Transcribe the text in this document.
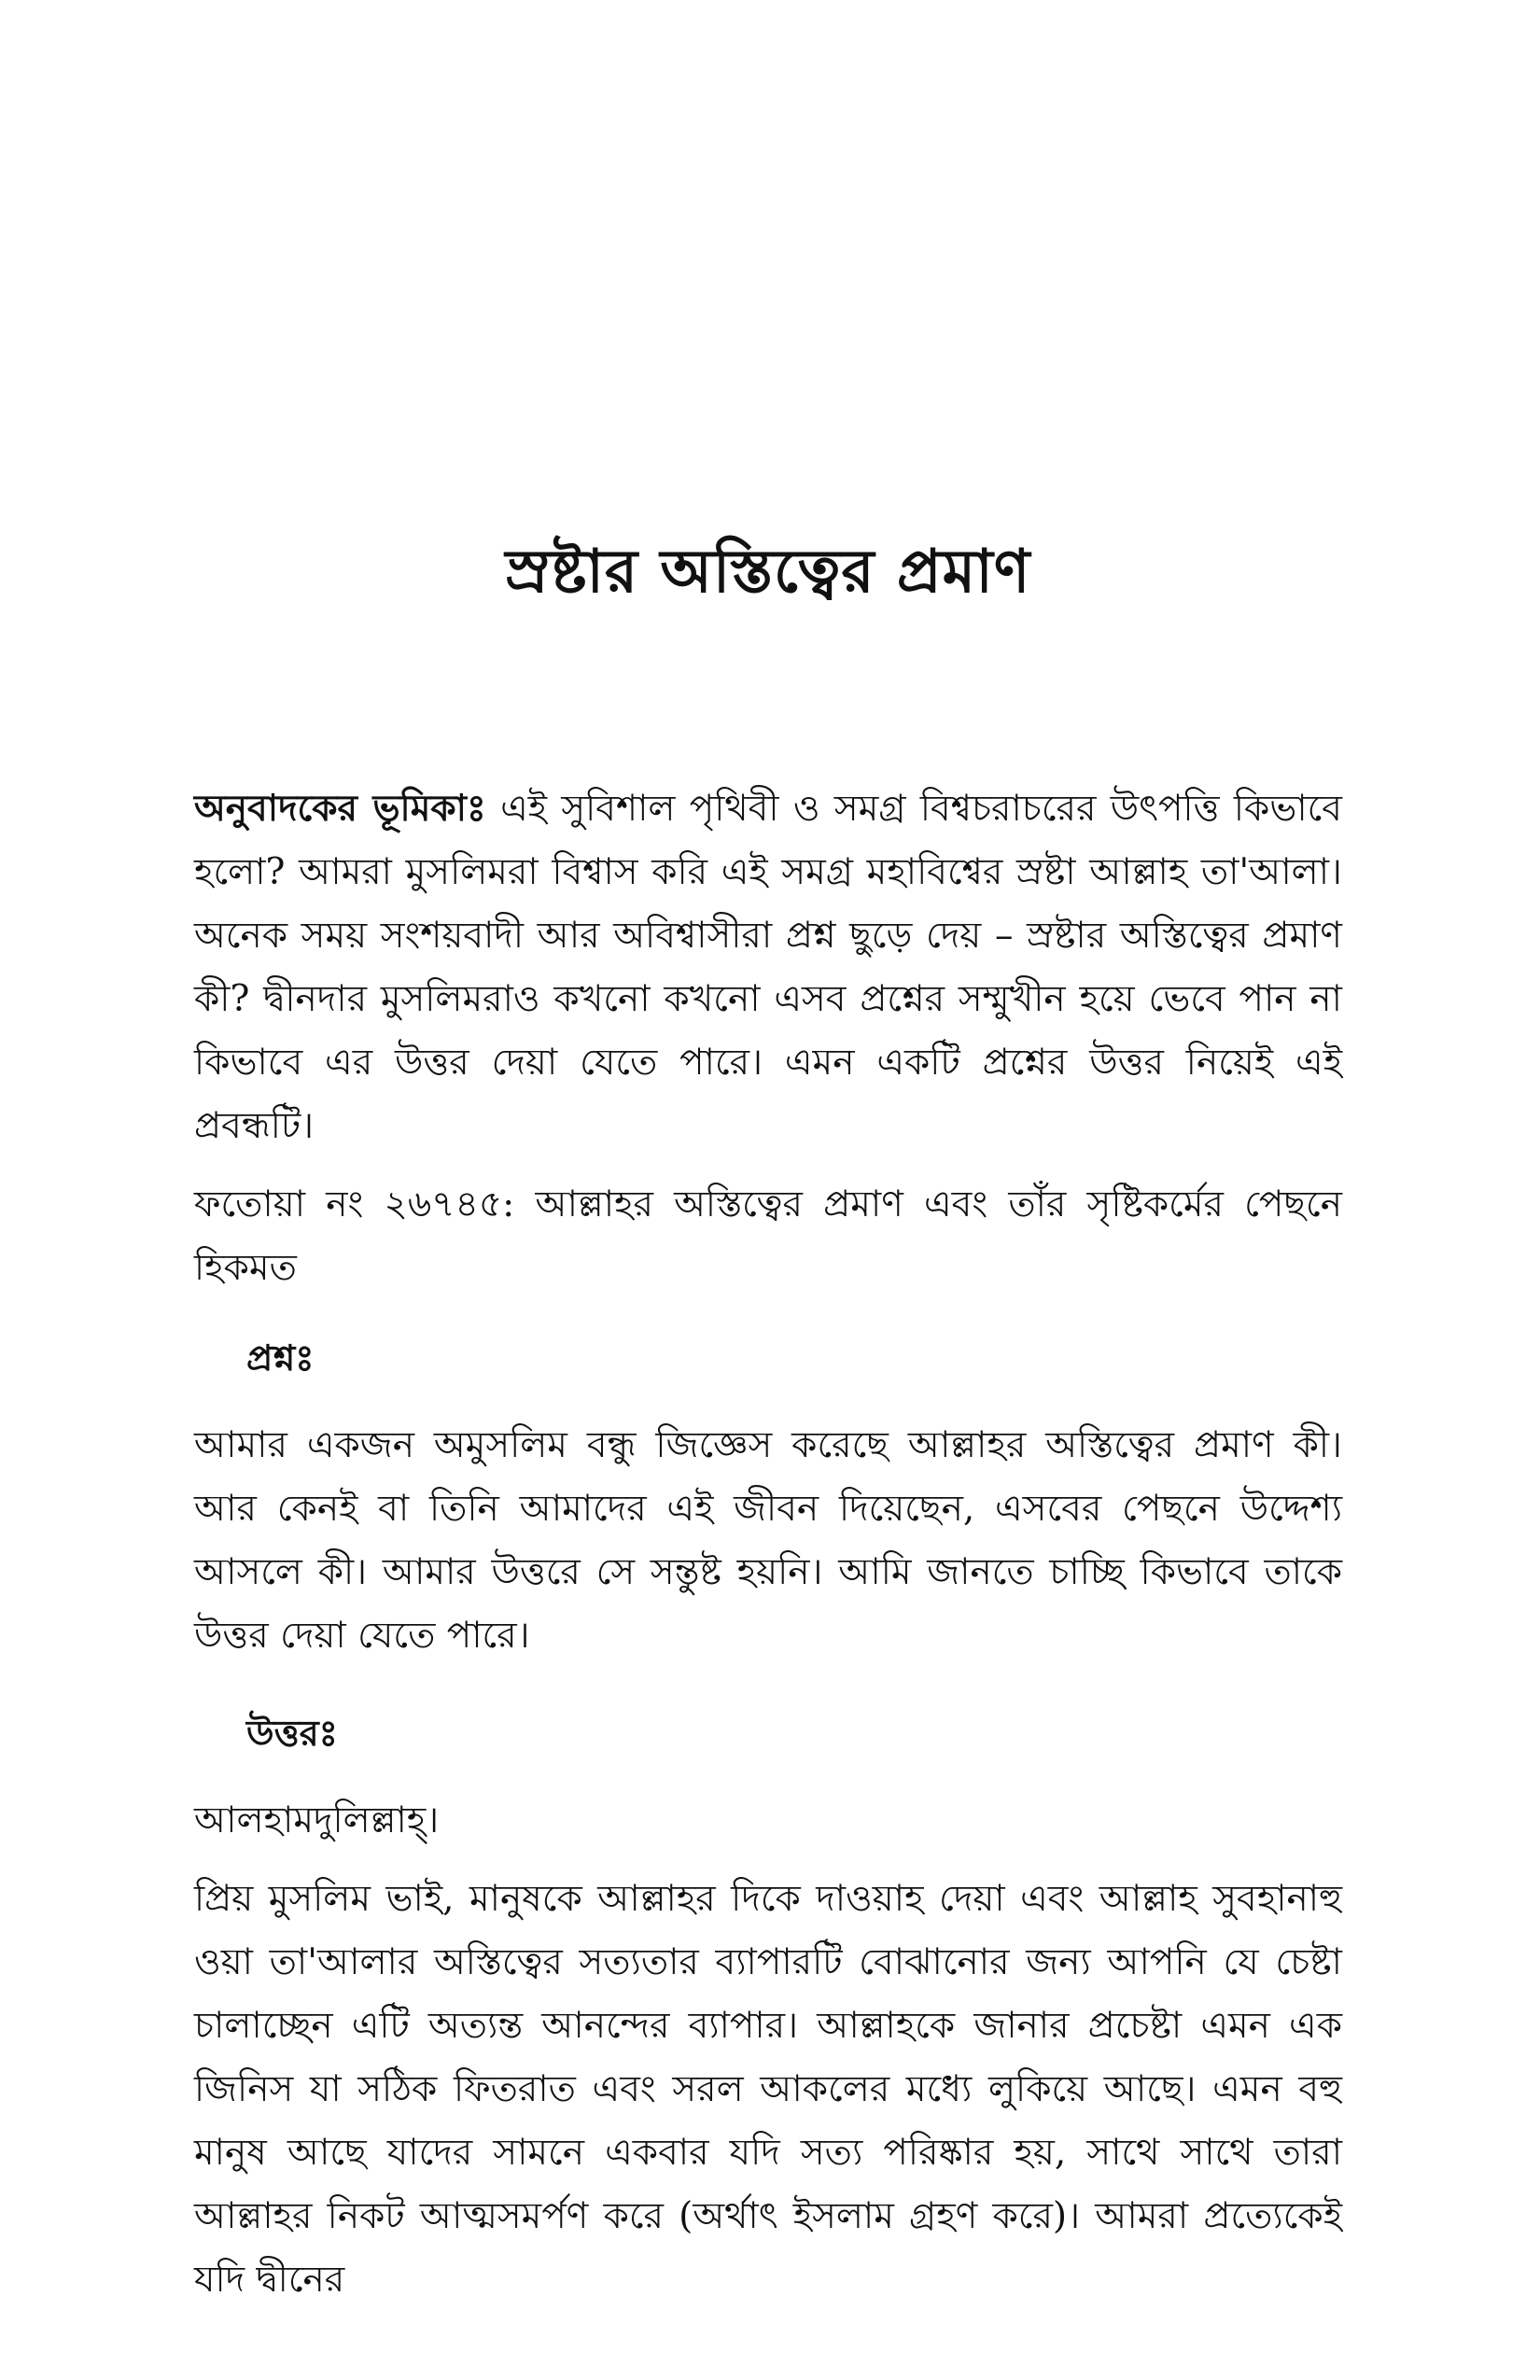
স্রষ্টার অস্তিত্বের প্রমাণ

অনুবাদকের ভূমিকাঃ এই সুবিশাল পৃথিবী ও সমগ্র বিশ্বচরাচরের উৎপত্তি কিভাবে হলো? আমরা মুসলিমরা বিশ্বাস করি এই সমগ্র মহাবিশ্বের স্রষ্টা আল্লাহ তা'আলা। অনেক সময় সংশয়বাদী আর অবিশ্বাসীরা প্রশ্ন ছুড়ে দেয় – স্রষ্টার অস্তিত্বের প্রমাণ কী? দ্বীনদার মুসলিমরাও কখনো কখনো এসব প্রশ্নের সম্মুখীন হয়ে ভেবে পান না কিভাবে এর উত্তর দেয়া যেতে পারে। এমন একটি প্রশ্নের উত্তর নিয়েই এই প্রবন্ধটি।

ফতোয়া নং ২৬৭৪৫: আল্লাহর অস্তিত্বের প্রমাণ এবং তাঁর সৃষ্টিকর্মের পেছনে হিকমত

প্রশ্নঃ

আমার একজন অমুসলিম বন্ধু জিজ্ঞেস করেছে আল্লাহর অস্তিত্বের প্রমাণ কী। আর কেনই বা তিনি আমাদের এই জীবন দিয়েছেন, এসবের পেছনে উদ্দেশ্য আসলে কী। আমার উত্তরে সে সন্তুষ্ট হয়নি। আমি জানতে চাচ্ছি কিভাবে তাকে উত্তর দেয়া যেতে পারে।

উত্তরঃ

আলহামদুলিল্লাহ্‌।

প্রিয় মুসলিম ভাই, মানুষকে আল্লাহর দিকে দাওয়াহ দেয়া এবং আল্লাহ সুবহানাহু ওয়া তা'আলার অস্তিত্বের সত্যতার ব্যাপারটি বোঝানোর জন্য আপনি যে চেষ্টা চালাচ্ছেন এটি অত্যন্ত আনন্দের ব্যাপার। আল্লাহকে জানার প্রচেষ্টা এমন এক জিনিস যা সঠিক ফিতরাত এবং সরল আকলের মধ্যে লুকিয়ে আছে। এমন বহু মানুষ আছে যাদের সামনে একবার যদি সত্য পরিষ্কার হয়, সাথে সাথে তারা আল্লাহর নিকট আত্মসমর্পণ করে (অর্থাৎ ইসলাম গ্রহণ করে)। আমরা প্রত্যেকেই যদি দ্বীনের
